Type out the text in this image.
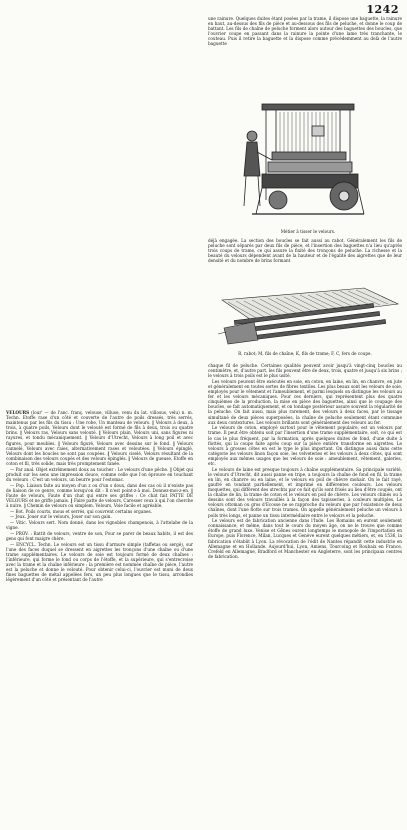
1242

une rainure. Quelques duites étant posées par la trame, il dispose une baguette, la rainure en haut, au-dessus des fils de pièce et au-dessous des fils de peluche, et donne le coup de battant. Les fils de chaîne de peluche forment alors autour des baguettes des boucles, que l'ouvrier coupe en passant dans la rainure la pointe d'une lame très tranchante, le couteau. Puis il retire la baguette et la dispose comme précédemment au delà de l'autre baguette

Métier à tisser le velours.

déjà engagée. La section des boucles se fait aussi au rabot. Généralement les fils de peluche sont séparés par deux fils de pièce, et l'insertion des baguettes n'a lieu qu'après trois coups de trame, ce qui assure la fixité des tronçons de peluche. La richesse et la beauté du velours dépendent avant de la hauteur et de l'égalité des aigrettes que de leur densité et du nombre de brins formant

R, rabot; M, fils de chaîne; K, fils de trame; F, C, fers de coupe.

chaque fil de peluche. Certaines qualités peuvent avoir jusqu'à vingt-cinq boucles au centimètre, et, d'autre part, les fils peuvent être de deux, trois, quatre et jusqu'à six brins ; le velours à trois poils est le plus usité.

Les velours peuvent être exécutés en soie, en coton, en laine, en lin, en chanvre, en jute et généralement en toutes sortes de fibres textiles. Les plus beaux sont les velours de soie, employés pour le vêtement et l'ameublement, et parmi lesquels on distingue les velours au fer et les velours mécaniques. Pour ces derniers, qui représentent plus des quatre cinquièmes de la production, la mise en pièce des baguettes, ainsi que le coupage des boucles, se fait automatiquement, et on tondage postérieur assure souvent la régularité de la peluche. On fait aussi, mais plus rarement, des velours à deux faces, par le tissage simultané de deux pièces superposées, la chaîne de peluche seulement étant commune aux deux contextures. Les velours brillants sont généralement des velours au fer.

Le velours de coton, employé surtout pour le vêtement populaire, est un velours par trame. Il peut être obtenu soit par l'insertion d'une trame supplémentaire, soit, ce qui est le cas le plus fréquent, par la formation, après quelques duites de fond, d'une duite à flottés, qui la coupe faite après coup sur la pièce entière transforme en aigrettes. Le velours à grosses côtes en est le type le plus important. On distingue aussi dans cette catégorie les velours linon façon soie, les velveteries et les velours à deux côtes, qui sont employés aux mêmes usages que les velours de soie : ameublement, vêtement, galeries, etc.

Le velours de laine est presque toujours à chaîne supplémentaire. Sa principale variété, le velours d'Utrecht, dit aussi panne en tripe, a toujours la chaîne de fond en fil, la trame en lin, en chanvre ou en laine, et le velours en poil de chèvre mohair. On le fait rayé, gaufré en tondant partiellement, et imprimé en différentes couleurs. Les velours moquettes, qui diffèrent des utrechts par ce fait qu'ils sont frisés au lieu d'être coupés, ont la chaîne de lin, la trame de coton et le velours en poil de chèvre. Les velours chinés ou à dessins sont des velours travaillés à la façon des tapisseries, à couleurs multiples. Le velours ottoman ou gros d'Ecosse ne se rapproche du velours que par l'existence de deux chaînes, dont l'une flotte sur trois trames. On appelle généralement peluche un velours à poils très longs, et panne un tissu intermédiaire entre le velours et la peluche.

Le velours est de fabrication ancienne dans l'Inde. Les Romains en eurent seulement connaissance, et même, dans tout le cours du moyen âge, on ne le trouve que comme étoffe de grand luxe. Venise et Gênes eurent longtemps le monopole de l'importation en Europe, puis Florence, Milan, Lucques et Genève eurent quelques métiers, et, en 1536, la fabrication s'établit à Lyon. La révocation de l'édit de Nantes répandit cette industrie en Allemagne et en Hollande. Aujourd'hui, Lyon, Amiens, Tourcoing et Roubaix en France, Crefeld en Allemagne, Bradford et Manchester en Angleterre, sont les principaux centres de fabrication.

VELOURS (lour' — de l'anc. franç. velouse, villuse, venu du lat. villosus, velu) n. m. Techn. Etoffe rase d'un côté et couverte de l'autre de poils dressés, très serrés, maintenus par les fils du tissu : Une robe, Un manteau de velours. ‖ Velours à deux, à trois, à quatre poils, Velours dont le velouté est formé de fils à deux, trois ou quatre brins. ‖ Velours ras, Velours sans velouté. ‖ Velours plain, Velours uni, sans figures ni rayures, et tondu mécaniquement. ‖ Velours d'Utrecht, Velours à long poil et avec figures, pour meubles. ‖ Velours figuré, Velours avec dessins sur le fond. ‖ Velours cannelé, Velours avec raies, alternativement rases et veloutées. ‖ Velours épinglé, Velours dont les boucles ne sont pas coupées. ‖ Velours ciselé, Velours résultant de la combinaison des velours coupés et des velours épinglés. ‖ Velours de gueuse, Etoffe en coton et fil, très solide, mais très promptement fanée.

— Par anal. Objet extrêmement doux au toucher : Le velours d'une pêche. ‖ Objet qui produit sur les sens une impression douce, comme celle que l'on éprouve en touchant du velours : C'est un velours, un beurre pour l'estomac.

— Pop. Liaison faite au moyen d'un z ou d'un s doux, dans des cas où il n'existe pas de liaison de ce genre, comme lorsqu'on dit : Il n'est point-z-à moi. Donnez-moi-z-en. ‖ Faute de velours, Faute d'un chat qui entre ses griffes : Ce chat fait PATTE DE VELOURS et ne griffe jamais. ‖ Faire patte de velours, Caresser ceux à qui l'on cherche à nuire. ‖ Chemin de velours ou simplem. Velours, Voie facile et agréable.

— Bot. Poils courts, mous et serrés, qui couvrent certains organes.

— Jeux. Jouer sur le velours, Jouer sur son gain.

— Vitic. Velours sert. Nom donné, dans les vignobles champenois, à l'attelabe de la vigne.

— PROV. : Battit de velours, ventre de son, Pour se parer de beaux habits, il est des gens qui font maigre chère.

— ENCYCL. Techn. Le velours est un tissu d'armure simple (taffetas ou sergé), sur l'une des faces duquel se dressent en aigrettes les tronçons d'une chaîne ou d'une trame supplémentaires. Le velours de soie est toujours formé de deux chaînes : l'inférieure, qui forme le fond ou corps de l'étoffe, et la supérieure, qui s'entrecroise avec la trame et la chaîne inférieure : la première est nommée chaîne de pièce, l'autre est la peluche et donne le velouté. Pour obtenir celui-ci, l'ouvrier est muni de deux fines baguettes de métal appelées fers, un peu plus longues que le tissu, arrondies légèrement d'un côté et présentant de l'autre
